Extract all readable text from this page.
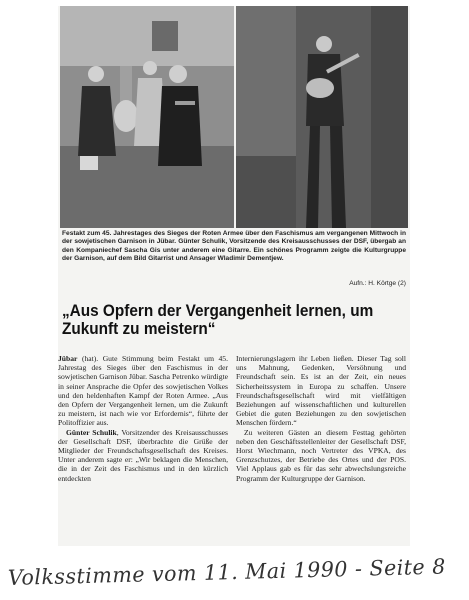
Festakt zum 45. Jahrestages des Sieges der Roten Armee über den Faschismus am vergangenen Mittwoch in der sowjetischen Garnison in Jübar. Günter Schulik, Vorsitzende des Kreisausschusses der DSF, übergab an den Kompaniechef Sascha Gis unter anderem eine Gitarre. Ein schönes Programm zeigte die Kulturgruppe der Garnison, auf dem Bild Gitarrist und Ansager Wladimir Dementjew.

Aufn.: H. Körtge (2)
„Aus Opfern der Vergangenheit lernen, um Zukunft zu meistern“
Jübar (hat). Gute Stimmung beim Festakt um 45. Jahrestag des Sieges über den Faschismus in der sowjetischen Garnison Jübar. Sascha Petrenko würdigte in seiner Ansprache die Opfer des sowjetischen Volkes und den heldenhaften Kampf der Roten Armee. „Aus den Opfern der Vergangenheit lernen, um die Zukunft zu meistern, ist nach wie vor Erfordernis“, führte der Politoffizier aus.
Günter Schulik, Vorsitzender des Kreisausschusses der Gesellschaft DSF, überbrachte die Grüße der Mitglieder der Freundschaftsgesellschaft des Kreises. Unter anderem sagte er: „Wir beklagen die Menschen, die in der Zeit des Faschismus und in den kürzlich entdeckten
Internierungslagern ihr Leben ließen. Dieser Tag soll uns Mahnung, Gedenken, Versöhnung und Freundschaft sein. Es ist an der Zeit, ein neues Sicherheitssystem in Europa zu schaffen. Unsere Freundschaftsgesellschaft wird mit vielfältigen Beziehungen auf wissenschaftlichen und kulturellen Gebiet die guten Beziehungen zu den sowjetischen Menschen fördern.“
Zu weiteren Gästen an diesem Festtag gehörten neben den Geschäftsstellenleiter der Gesellschaft DSF, Horst Wiechmann, noch Vertreter des VPKA, des Grenzschutzes, der Betriebe des Ortes und der POS. Viel Applaus gab es für das sehr abwechslungsreiche Programm der Kulturgruppe der Garnison.
Volksstimme vom 11. Mai 1990 - Seite 8
